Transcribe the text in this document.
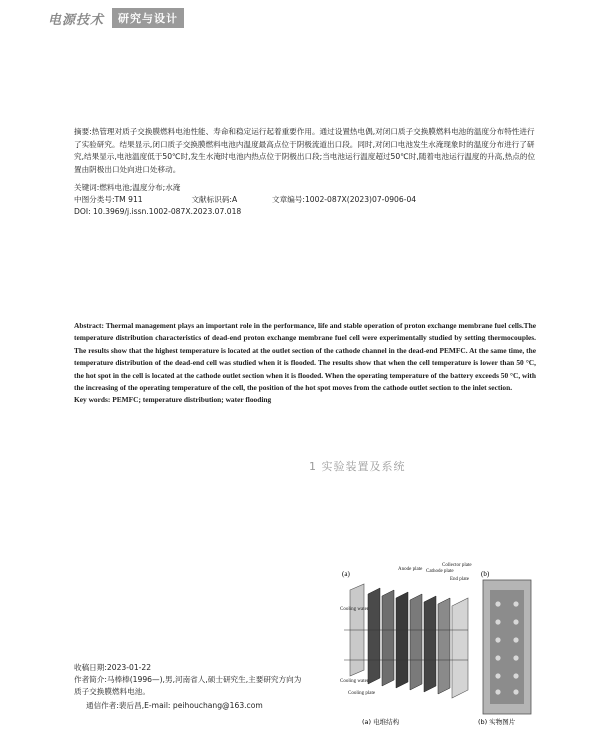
电源技术	研究与设计
摘要:热管理对质子交换膜燃料电池性能、寿命和稳定运行起着重要作用。通过设置热电偶,对闭口质子交换膜燃料电池的温度分布特性进行了实验研究。结果显示,闭口质子交换膜燃料电池内温度最高点位于阴极流道出口段。同时,对闭口电池发生水淹现象时的温度分布进行了研究,结果显示,电池温度低于50℃时,发生水淹时电池内热点位于阴极出口段;当电池运行温度超过50℃时,随着电池运行温度的升高,热点的位置由阴极出口处向进口处移动。
关键词:燃料电池;温度分布;水淹
中图分类号:TM 911	文献标识码:A	文章编号:1002-087X(2023)07-0906-04
DOI: 10.3969/j.issn.1002-087X.2023.07.018
Abstract: Thermal management plays an important role in the performance, life and stable operation of proton exchange membrane fuel cells.The temperature distribution characteristics of dead-end proton exchange membrane fuel cell were experimentally studied by setting thermocouples. The results show that the highest temperature is located at the outlet section of the cathode channel in the dead-end PEMFC. At the same time, the temperature distribution of the dead-end cell was studied when it is flooded. The results show that when the cell temperature is lower than 50 °C, the hot spot in the cell is located at the cathode outlet section when it is flooded. When the operating temperature of the battery exceeds 50 °C, with the increasing of the operating temperature of the cell, the position of the hot spot moves from the cathode outlet section to the inlet section.
Key words: PEMFC; temperature distribution; water flooding
1 实验装置及系统
收稿日期:2023-01-22
作者简介:马棒棒(1996—),男,河南省人,硕士研究生,主要研究方向为质子交换膜燃料电池。
通信作者:裴后昌,E-mail: peihouchang@163.com
(a)	(b)
Anode plate Cathode plate
Collector plate
End plate
Cooling water
Cooling water
Cooling plate
(a) 电堆结构	(b) 实物图片
